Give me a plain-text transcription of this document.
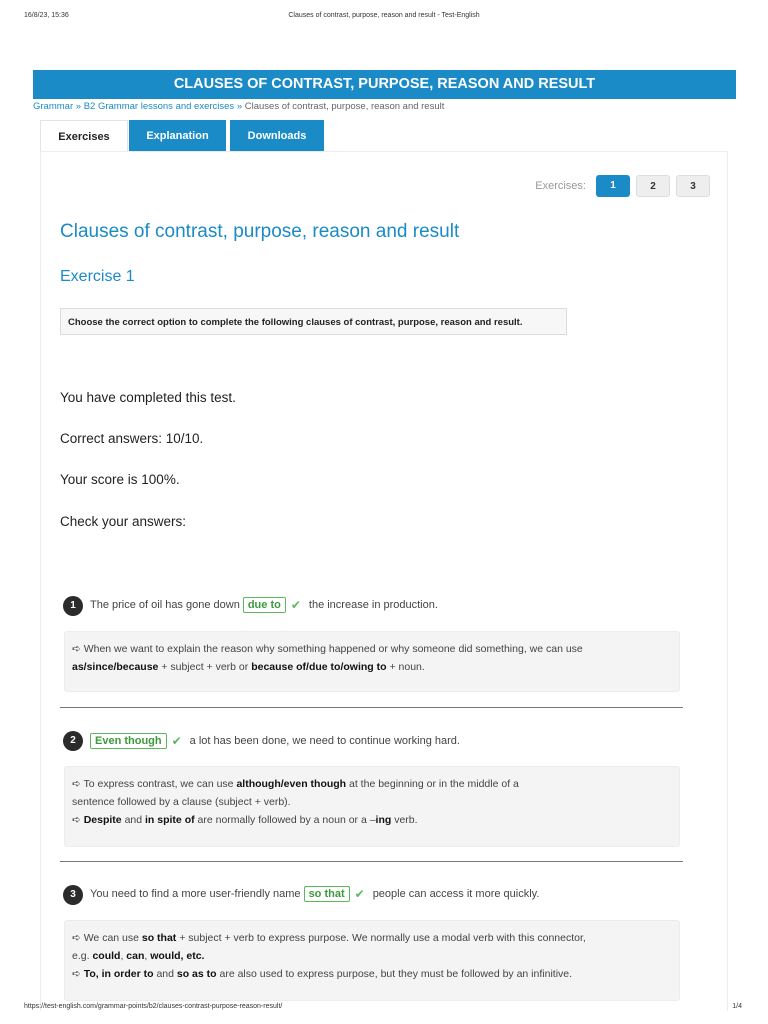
16/8/23, 15:36	Clauses of contrast, purpose, reason and result - Test-English
CLAUSES OF CONTRAST, PURPOSE, REASON AND RESULT
Grammar » B2 Grammar lessons and exercises » Clauses of contrast, purpose, reason and result
Exercises	Explanation	Downloads
Exercises:	1	2	3
Clauses of contrast, purpose, reason and result
Exercise 1
Choose the correct option to complete the following clauses of contrast, purpose, reason and result.
You have completed this test.
Correct answers: 10/10.
Your score is 100%.
Check your answers:
1	The price of oil has gone down due to ✔ the increase in production.
➪ When we want to explain the reason why something happened or why someone did something, we can use
as/since/because + subject + verb or because of/due to/owing to + noun.
2	Even though ✔ a lot has been done, we need to continue working hard.
➪ To express contrast, we can use although/even though at the beginning or in the middle of a
sentence followed by a clause (subject + verb).
➪ Despite and in spite of are normally followed by a noun or a –ing verb.
3	You need to find a more user-friendly name so that ✔ people can access it more quickly.
➪ We can use so that + subject + verb to express purpose. We normally use a modal verb with this connector,
e.g. could, can, would, etc.
➪ To, in order to and so as to are also used to express purpose, but they must be followed by an infinitive.
https://test-english.com/grammar-points/b2/clauses-contrast-purpose-reason-result/	1/4
